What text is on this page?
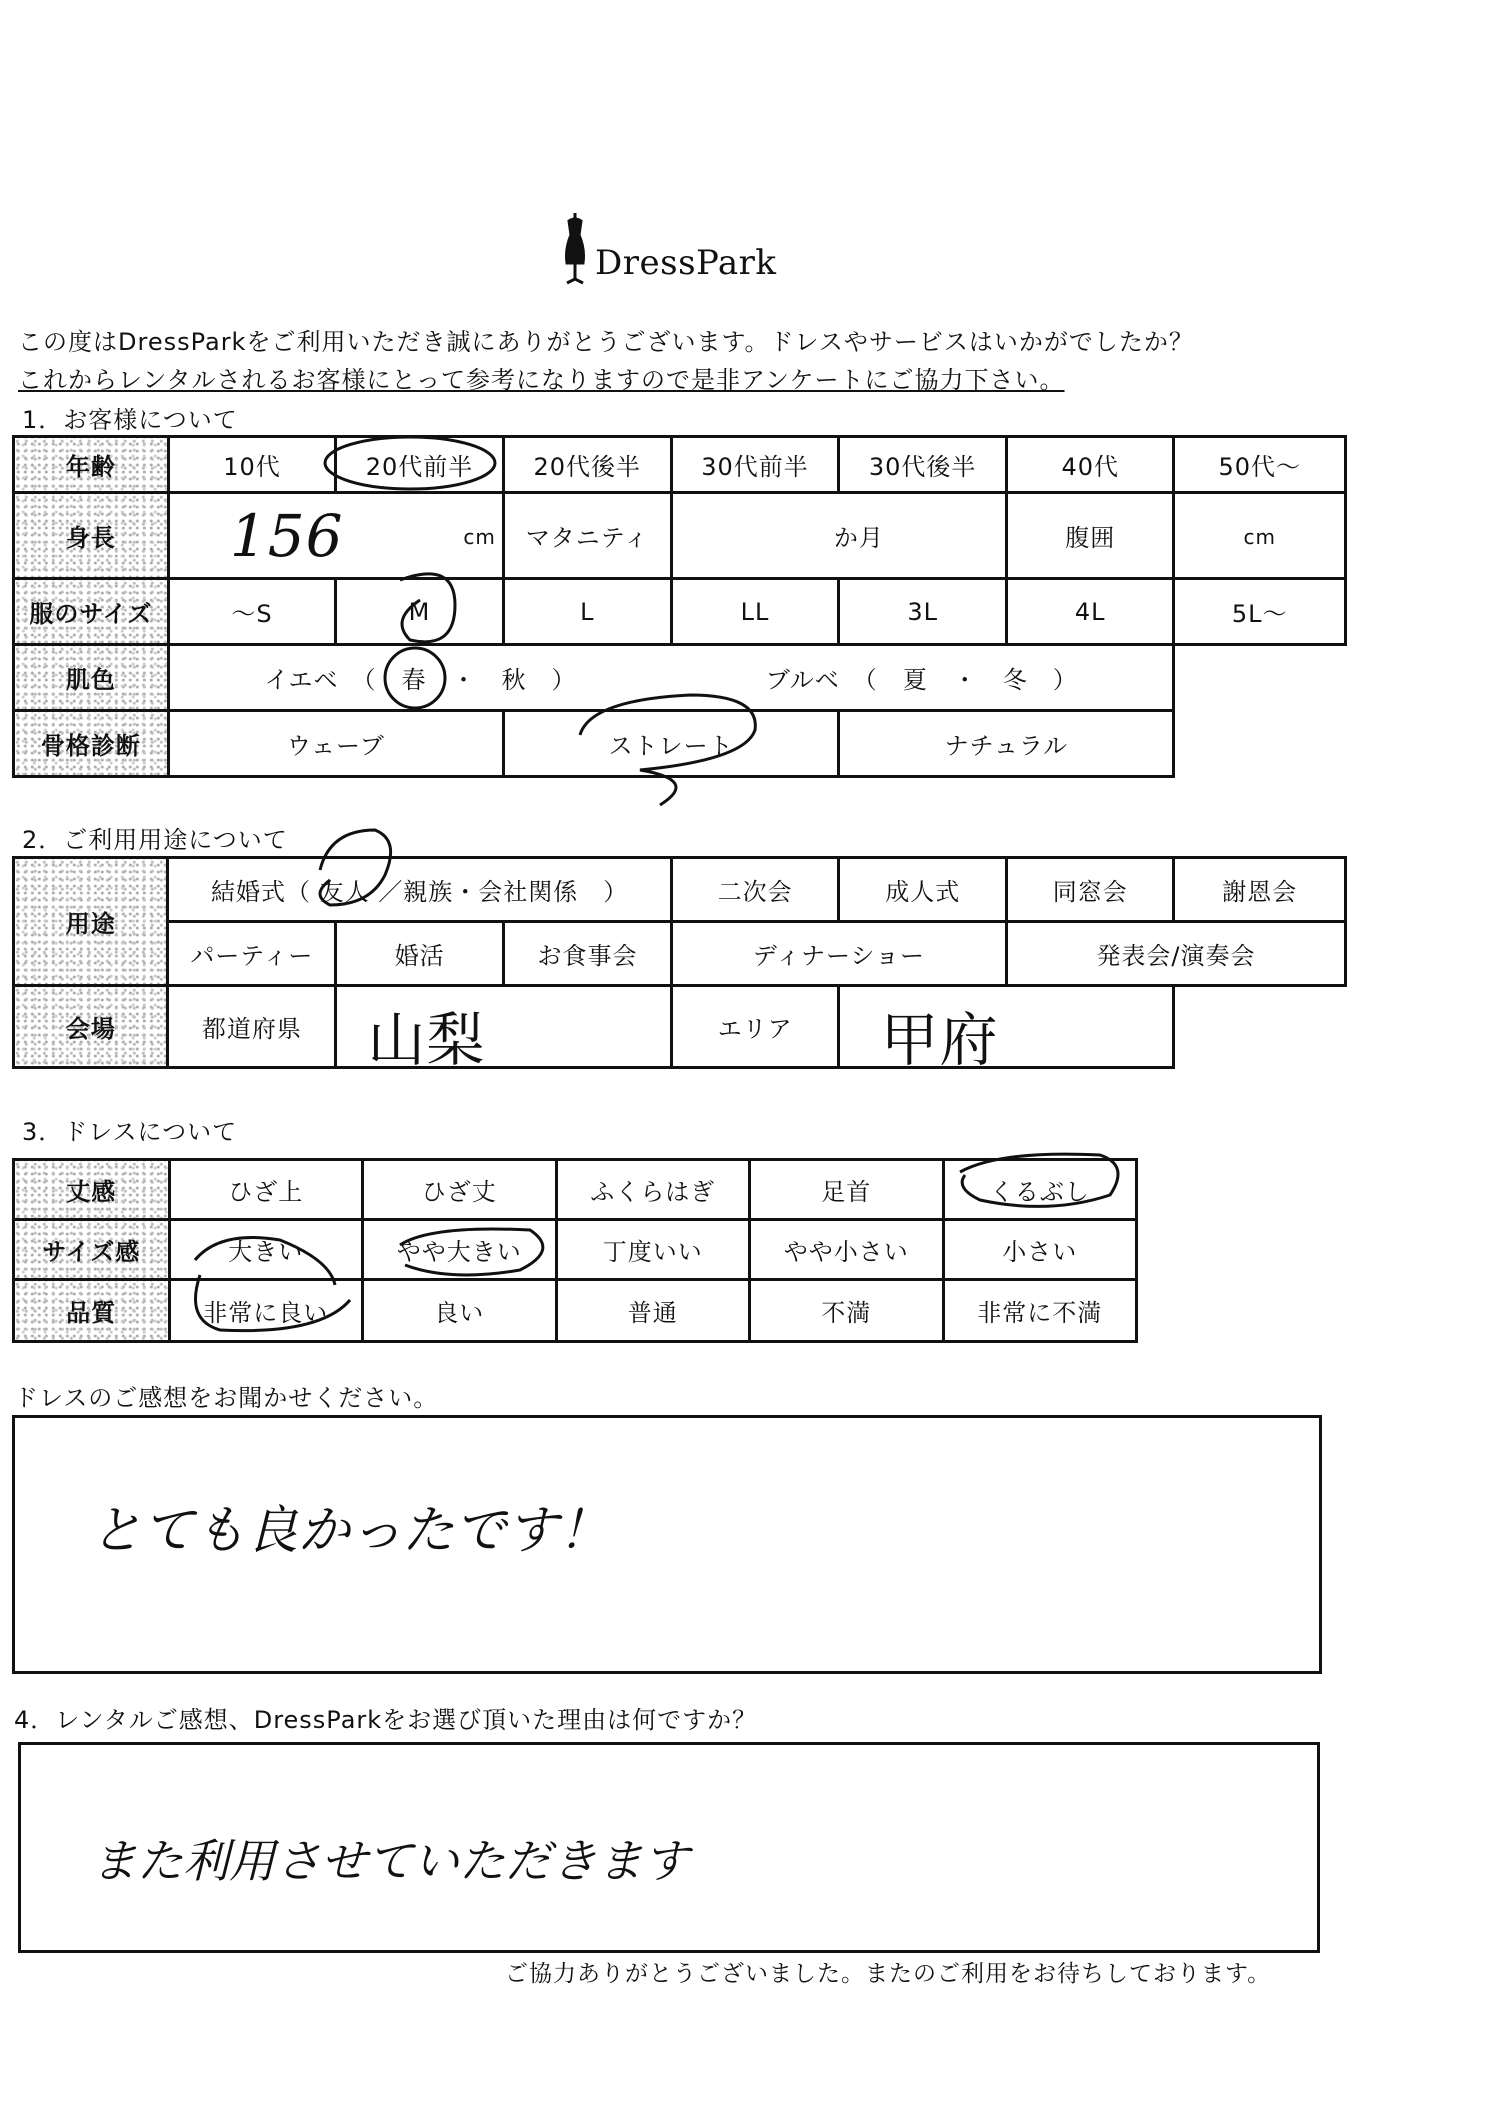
DressPark
この度はDressParkをご利用いただき誠にありがとうございます。ドレスやサービスはいかがでしたか？
これからレンタルされるお客様にとって参考になりますので是非アンケートにご協力下さい。
1．お客様について
年齢	10代	20代前半	20代後半	30代前半	30代後半	40代	50代～
身長	156 cm		マタニティ	か月		腹囲	cm
服のサイズ	～S	M	L	LL	3L	4L	5L～
肌色	イエベ　（　春　・　秋　）			ブルベ　（　夏　・　冬　）			
骨格診断	ウェーブ		ストレート		ナチュラル		
2．ご利用用途について
用途	結婚式（ 友人 ／親族・会社関係　）			二次会	成人式	同窓会	謝恩会
	パーティー	婚活	お食事会	ディナーショー		発表会/演奏会	
会場	都道府県	山梨		エリア	甲府		

3．ドレスについて
丈感	ひざ上	ひざ丈	ふくらはぎ	足首	くるぶし
サイズ感	大きい	やや大きい	丁度いい	やや小さい	小さい
品質	非常に良い	良い	普通	不満	非常に不満
ドレスのご感想をお聞かせください。
とても良かったです！
4．レンタルご感想、DressParkをお選び頂いた理由は何ですか？
また利用させていただきます
ご協力ありがとうございました。またのご利用をお待ちしております。
